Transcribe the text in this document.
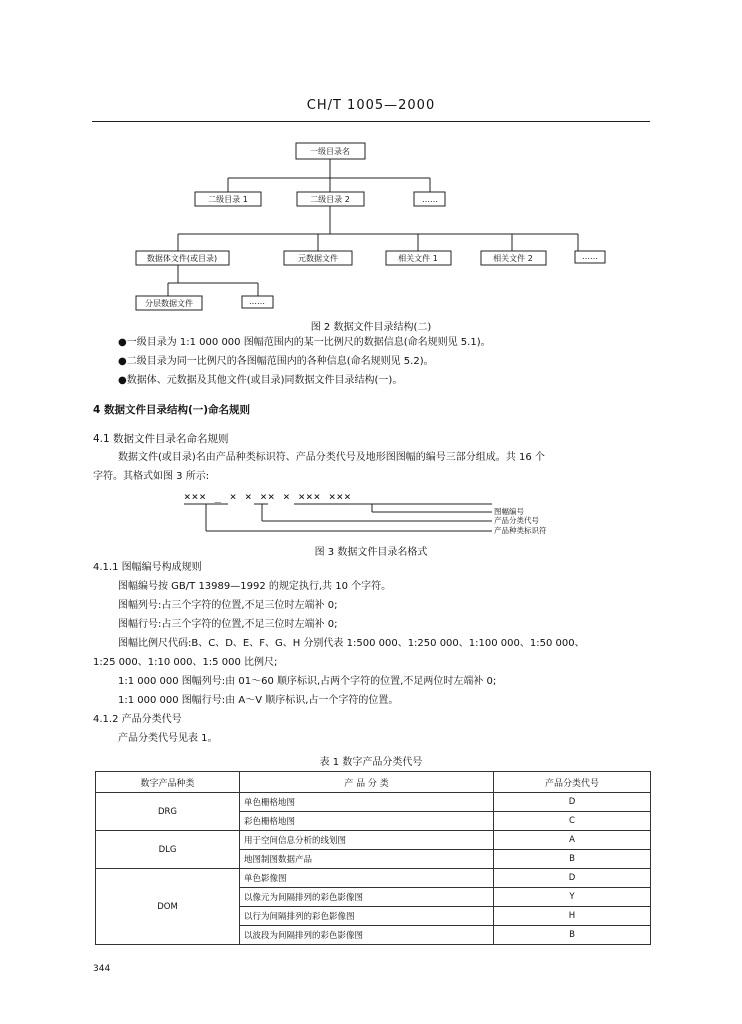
CH/T 1005—2000
一级目录名
二级目录 1	二级目录 2	……
数据体文件(或目录)	元数据文件	相关文件 1	相关文件 2	……
分层数据文件	……
图 2 数据文件目录结构(二)
●一级目录为 1:1 000 000 图幅范围内的某一比例尺的数据信息(命名规则见 5.1)。
●二级目录为同一比例尺的各图幅范围内的各种信息(命名规则见 5.2)。
●数据体、元数据及其他文件(或目录)同数据文件目录结构(一)。
4 数据文件目录结构(一)命名规则
4.1 数据文件目录名命名规则
数据文件(或目录)名由产品种类标识符、产品分类代号及地形图图幅的编号三部分组成。共 16 个
字符。其格式如图 3 所示:
××× _ × × ×× × ××× ×××
图幅编号
产品分类代号
产品种类标识符
图 3 数据文件目录名格式
4.1.1 图幅编号构成规则
图幅编号按 GB/T 13989—1992 的规定执行,共 10 个字符。
图幅列号:占三个字符的位置,不足三位时左端补 0;
图幅行号:占三个字符的位置,不足三位时左端补 0;
图幅比例尺代码:B、C、D、E、F、G、H 分别代表 1:500 000、1:250 000、1:100 000、1:50 000、
1:25 000、1:10 000、1:5 000 比例尺;
1:1 000 000 图幅列号:由 01～60 顺序标识,占两个字符的位置,不足两位时左端补 0;
1:1 000 000 图幅行号:由 A～V 顺序标识,占一个字符的位置。
4.1.2 产品分类代号
产品分类代号见表 1。
表 1 数字产品分类代号
数字产品种类	产 品 分 类	产品分类代号
DRG	单色栅格地图	D
	彩色栅格地图	C
DLG	用于空间信息分析的线划图	A
	地图制图数据产品	B
DOM	单色影像图	D
	以像元为间隔排列的彩色影像图	Y
	以行为间隔排列的彩色影像图	H
	以波段为间隔排列的彩色影像图	B
344
